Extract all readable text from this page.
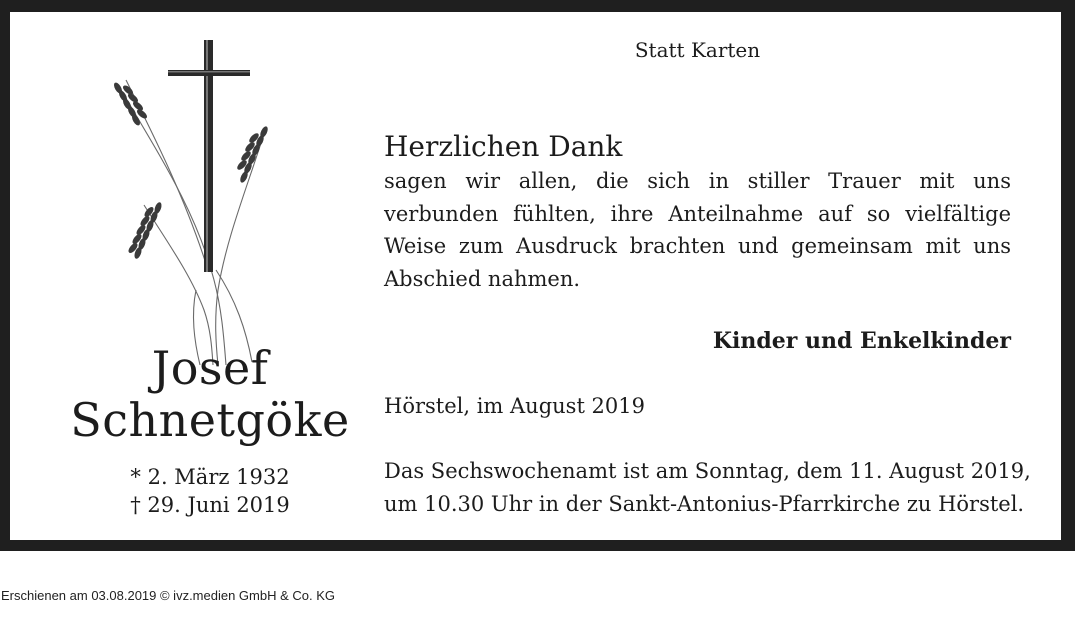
Josef
Schnetgöke
* 2. März 1932
† 29. Juni 2019
Statt Karten
Herzlichen Dank

sagen wir allen, die sich in stiller Trauer mit uns verbunden fühlten, ihre Anteilnahme auf so vielfältige Weise zum Ausdruck brachten und gemeinsam mit uns Abschied nahmen.

Kinder und Enkelkinder
Hörstel, im August 2019
Das Sechswochenamt ist am Sonntag, dem 11. August 2019,
um 10.30 Uhr in der Sankt-Antonius-Pfarrkirche zu Hörstel.
Erschienen am 03.08.2019 © ivz.medien GmbH & Co. KG
